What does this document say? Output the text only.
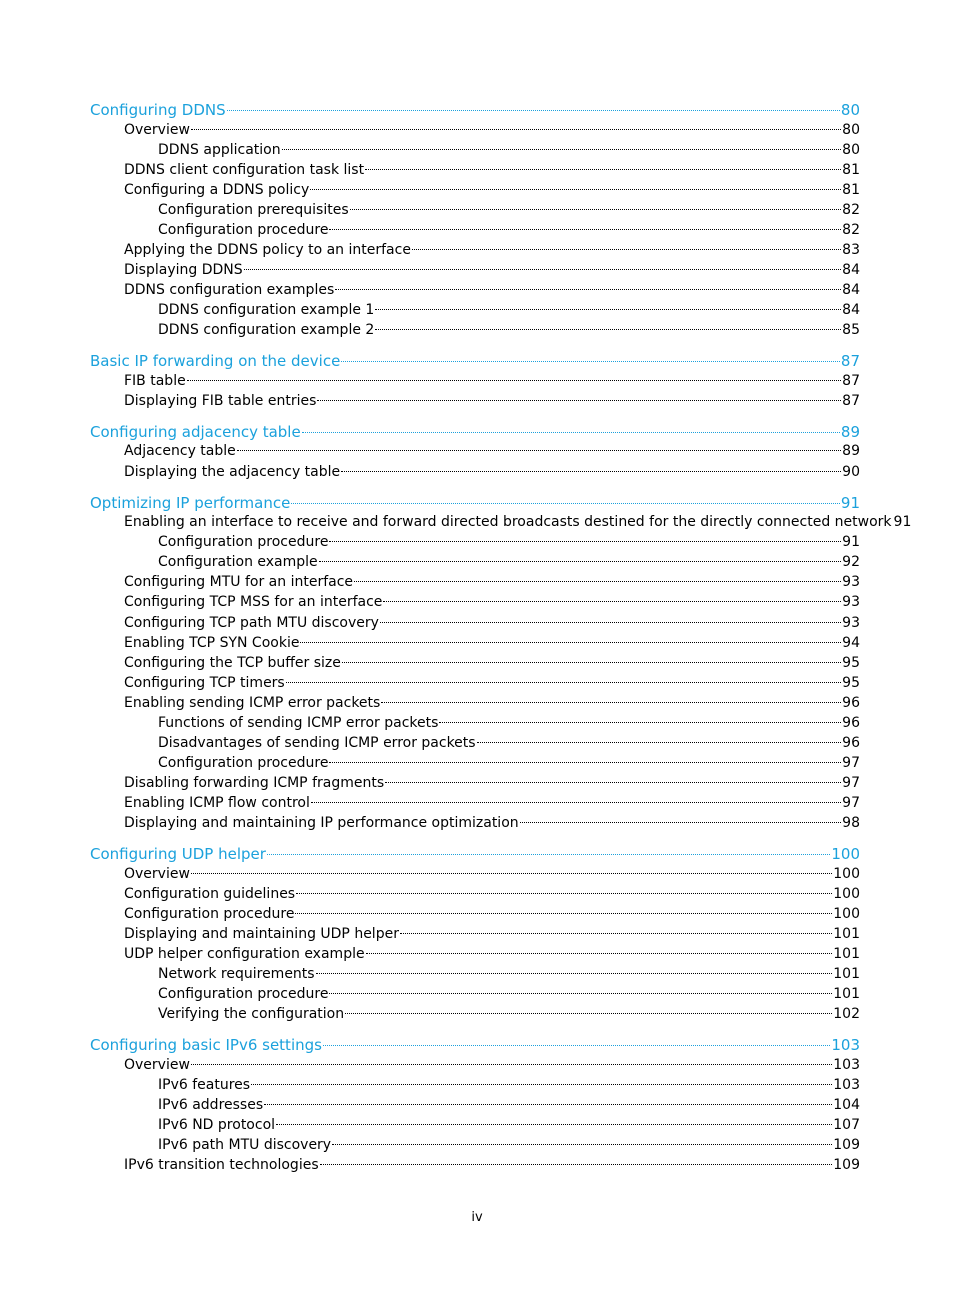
Configuring DDNS	80
Overview	80
DDNS application	80
DDNS client configuration task list	81
Configuring a DDNS policy	81
Configuration prerequisites	82
Configuration procedure	82
Applying the DDNS policy to an interface	83
Displaying DDNS	84
DDNS configuration examples	84
DDNS configuration example 1	84
DDNS configuration example 2	85
Basic IP forwarding on the device	87
FIB table	87
Displaying FIB table entries	87
Configuring adjacency table	89
Adjacency table	89
Displaying the adjacency table	90
Optimizing IP performance	91
Enabling an interface to receive and forward directed broadcasts destined for the directly connected network 91
Configuration procedure	91
Configuration example	92
Configuring MTU for an interface	93
Configuring TCP MSS for an interface	93
Configuring TCP path MTU discovery	93
Enabling TCP SYN Cookie	94
Configuring the TCP buffer size	95
Configuring TCP timers	95
Enabling sending ICMP error packets	96
Functions of sending ICMP error packets	96
Disadvantages of sending ICMP error packets	96
Configuration procedure	97
Disabling forwarding ICMP fragments	97
Enabling ICMP flow control	97
Displaying and maintaining IP performance optimization	98
Configuring UDP helper	100
Overview	100
Configuration guidelines	100
Configuration procedure	100
Displaying and maintaining UDP helper	101
UDP helper configuration example	101
Network requirements	101
Configuration procedure	101
Verifying the configuration	102
Configuring basic IPv6 settings	103
Overview	103
IPv6 features	103
IPv6 addresses	104
IPv6 ND protocol	107
IPv6 path MTU discovery	109
IPv6 transition technologies	109
iv
